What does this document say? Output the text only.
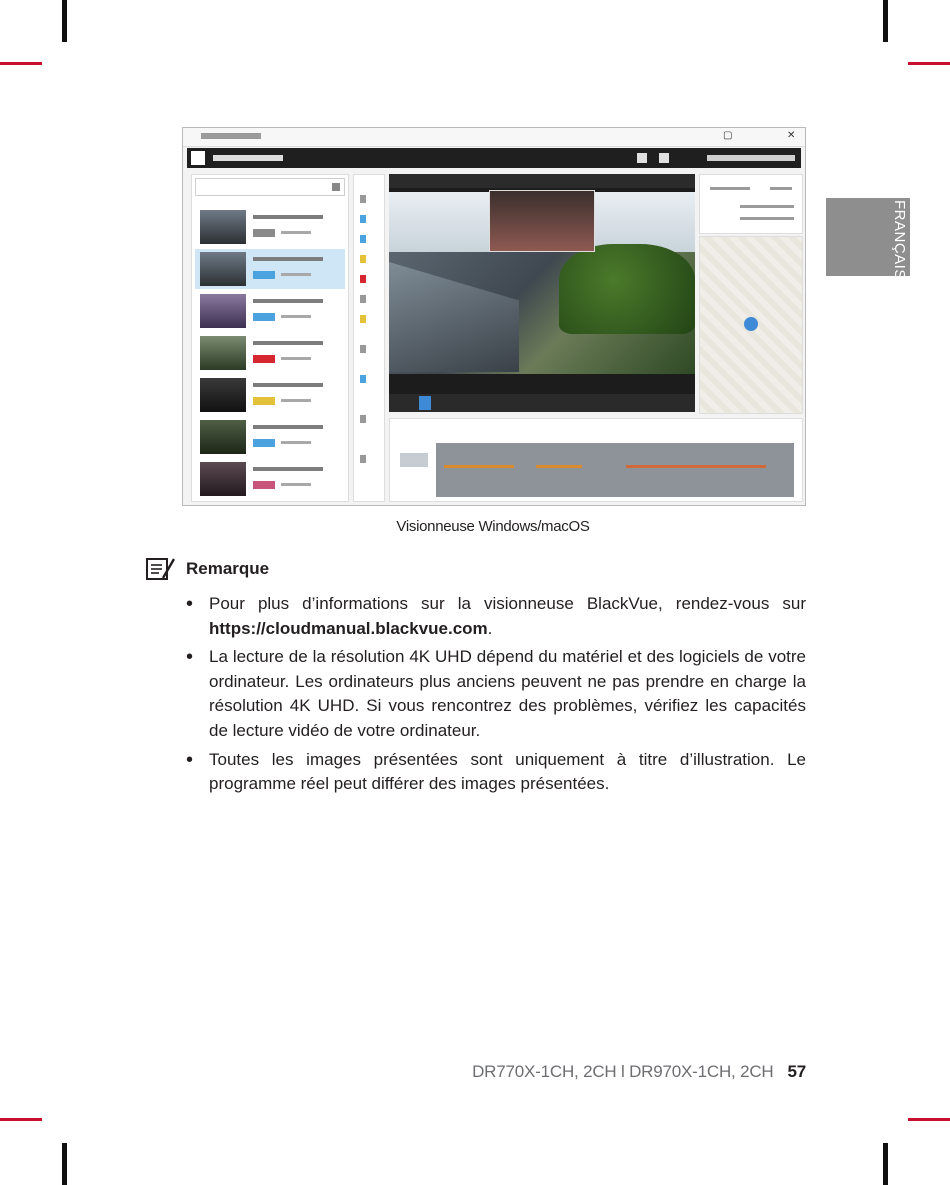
FRANÇAIS
▢	✕
Visionneuse Windows/macOS
Remarque
• Pour plus d’informations sur la visionneuse BlackVue, rendez-vous sur https://cloudmanual.blackvue.com.
• La lecture de la résolution 4K UHD dépend du matériel et des logiciels de votre ordinateur. Les ordinateurs plus anciens peuvent ne pas prendre en charge la résolution 4K UHD. Si vous rencontrez des problèmes, vérifiez les capacités de lecture vidéo de votre ordinateur.
• Toutes les images présentées sont uniquement à titre d’illustration. Le programme réel peut différer des images présentées.
DR770X-1CH, 2CH l DR970X-1CH, 2CH 57
